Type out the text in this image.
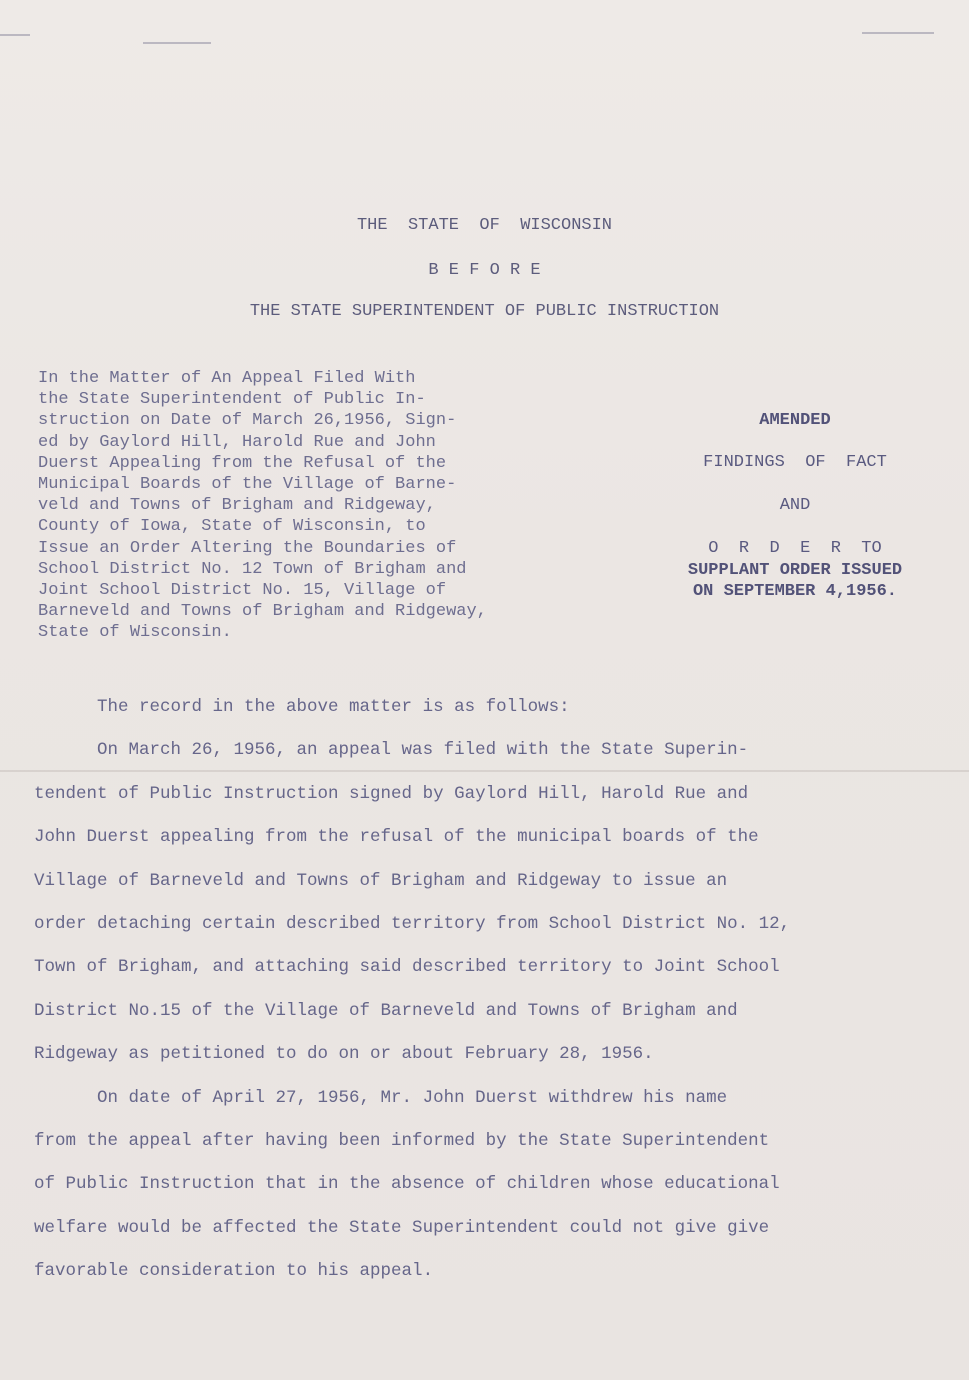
THE  STATE  OF  WISCONSIN
B E F O R E
THE STATE SUPERINTENDENT OF PUBLIC INSTRUCTION
In the Matter of An Appeal Filed With
the State Superintendent of Public In-
struction on Date of March 26,1956, Sign-
ed by Gaylord Hill, Harold Rue and John
Duerst Appealing from the Refusal of the
Municipal Boards of the Village of Barne-
veld and Towns of Brigham and Ridgeway,
County of Iowa, State of Wisconsin, to
Issue an Order Altering the Boundaries of
School District No. 12 Town of Brigham and
Joint School District No. 15, Village of
Barneveld and Towns of Brigham and Ridgeway,
State of Wisconsin.
AMENDED
FINDINGS  OF  FACT
AND
O  R  D  E  R  TO
SUPPLANT ORDER ISSUED
ON SEPTEMBER 4,1956.
The record in the above matter is as follows:
On March 26, 1956, an appeal was filed with the State Superin-
tendent of Public Instruction signed by Gaylord Hill, Harold Rue and
John Duerst appealing from the refusal of the municipal boards of the
Village of Barneveld and Towns of Brigham and Ridgeway to issue an
order detaching certain described territory from School District No. 12,
Town of Brigham, and attaching said described territory to Joint School
District No.15 of the Village of Barneveld and Towns of Brigham and
Ridgeway as petitioned to do on or about February 28, 1956.
On date of April 27, 1956, Mr. John Duerst withdrew his name
from the appeal after having been informed by the State Superintendent
of Public Instruction that in the absence of children whose educational
welfare would be affected the State Superintendent could not give give
favorable consideration to his appeal.
